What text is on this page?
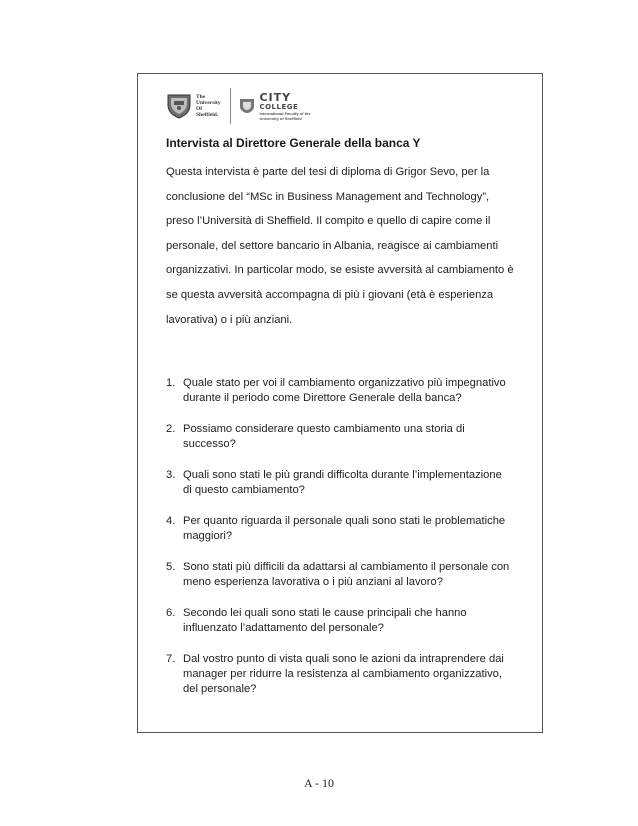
The
University
Of
Sheffield.
CITY
COLLEGE
International Faculty of the
University of Sheffield
Intervista al Direttore Generale della banca Y
Questa intervista è parte del tesi di diploma di Grigor Sevo, per la
conclusione del “MSc in Business Management and Technology”,
preso l’Università di Sheffield. Il compito e quello di capire come il
personale, del settore bancario in Albania, reagisce ai cambiamenti
organizzativi. In particolar modo, se esiste avversità al cambiamento è
se questa avversità accompagna di più i giovani (età è esperienza
lavorativa) o i più anziani.
1. Quale stato per voi il cambiamento organizzativo più impegnativo
durante il periodo come Direttore Generale della banca?
2. Possiamo considerare questo cambiamento una storia di
successo?
3. Quali sono stati le più grandi difficolta durante l’implementazione
di questo cambiamento?
4. Per quanto riguarda il personale quali sono stati le problematiche
maggiori?
5. Sono stati più difficili da adattarsi al cambiamento il personale con
meno esperienza lavorativa o i più anziani al lavoro?
6. Secondo lei quali sono stati le cause principali che hanno
influenzato l’adattamento del personale?
7. Dal vostro punto di vista quali sono le azioni da intraprendere dai
manager per ridurre la resistenza al cambiamento organizzativo,
del personale?
A - 10
